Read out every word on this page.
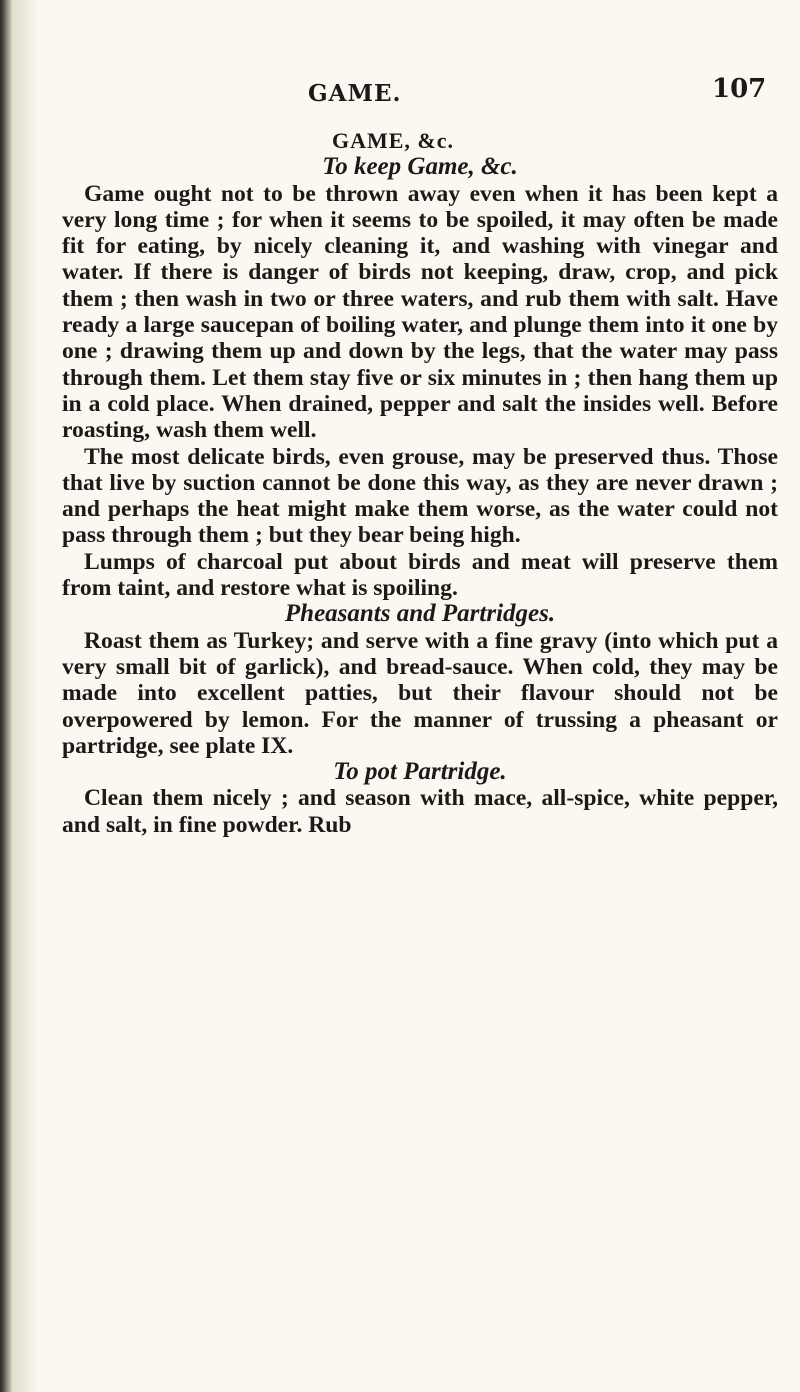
GAME.	107

GAME, &c.

To keep Game, &c.

Game ought not to be thrown away even when it has been kept a very long time ; for when it seems to be spoiled, it may often be made fit for eating, by nicely cleaning it, and washing with vinegar and water. If there is danger of birds not keeping, draw, crop, and pick them ; then wash in two or three waters, and rub them with salt. Have ready a large saucepan of boiling water, and plunge them into it one by one ; drawing them up and down by the legs, that the water may pass through them. Let them stay five or six minutes in ; then hang them up in a cold place. When drained, pepper and salt the insides well. Before roasting, wash them well.

The most delicate birds, even grouse, may be preserved thus. Those that live by suction cannot be done this way, as they are never drawn ; and perhaps the heat might make them worse, as the water could not pass through them ; but they bear being high.

Lumps of charcoal put about birds and meat will preserve them from taint, and restore what is spoiling.

Pheasants and Partridges.

Roast them as Turkey; and serve with a fine gravy (into which put a very small bit of garlick), and bread-sauce. When cold, they may be made into excellent patties, but their flavour should not be overpowered by lemon. For the manner of trussing a pheasant or partridge, see plate IX.

To pot Partridge.

Clean them nicely ; and season with mace, all-spice, white pepper, and salt, in fine powder. Rub
